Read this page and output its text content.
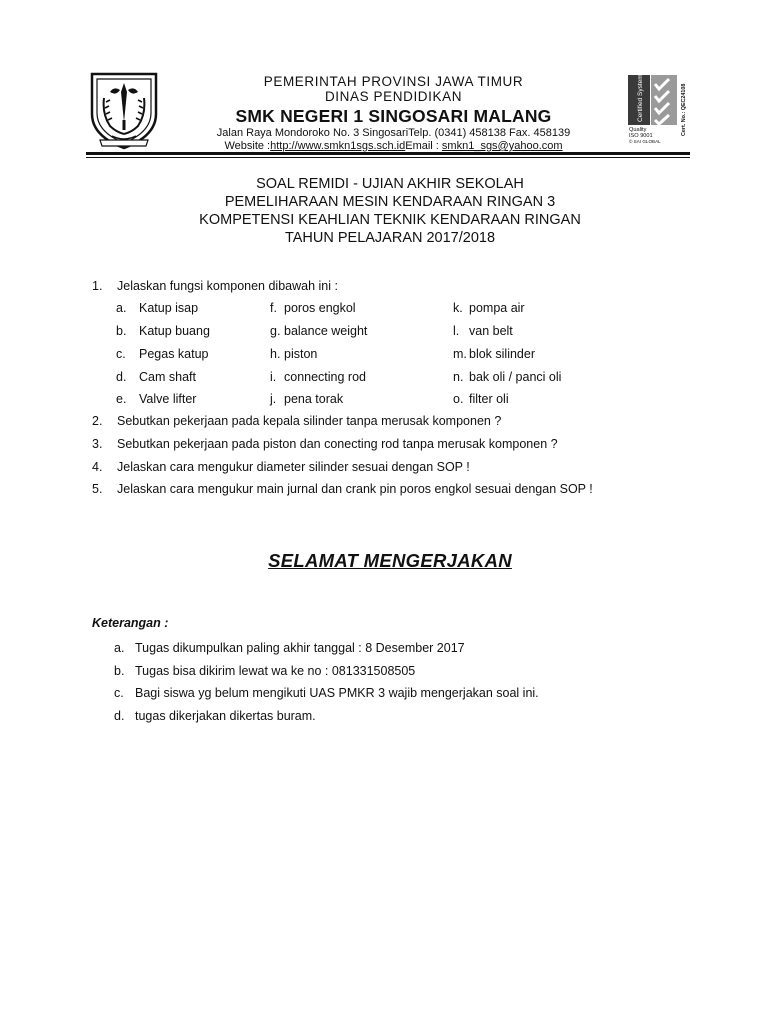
PEMERINTAH PROVINSI JAWA TIMUR
DINAS PENDIDIKAN
SMK NEGERI 1 SINGOSARI MALANG
Jalan Raya Mondoroko No. 3 SingosariTelp. (0341) 458138 Fax. 458139
Website :http://www.smkn1sgs.sch.idEmail : smkn1_sgs@yahoo.com
Certified System
Quality
ISO 9001
© SAI GLOBAL
Cert. No.: QEC24108
SOAL REMIDI - UJIAN AKHIR SEKOLAH
PEMELIHARAAN MESIN KENDARAAN RINGAN 3
KOMPETENSI KEAHLIAN TEKNIK KENDARAAN RINGAN
TAHUN PELAJARAN 2017/2018
1. Jelaskan fungsi komponen dibawah ini :
a. Katup isap
b. Katup buang
c. Pegas katup
d. Cam shaft
e. Valve lifter
f. poros engkol
g. balance weight
h. piston
i. connecting rod
j. pena torak
k. pompa air
l. van belt
m. blok silinder
n. bak oli / panci oli
o. filter oli
2. Sebutkan pekerjaan pada kepala silinder tanpa merusak komponen ?
3. Sebutkan pekerjaan pada piston dan conecting rod tanpa merusak komponen ?
4. Jelaskan cara mengukur diameter silinder sesuai dengan SOP !
5. Jelaskan cara mengukur main jurnal dan crank pin poros engkol sesuai dengan SOP !
SELAMAT MENGERJAKAN
Keterangan :
a. Tugas dikumpulkan paling akhir tanggal : 8 Desember 2017
b. Tugas bisa dikirim lewat wa ke no : 081331508505
c. Bagi siswa yg belum mengikuti UAS PMKR 3 wajib mengerjakan soal ini.
d. tugas dikerjakan dikertas buram.
